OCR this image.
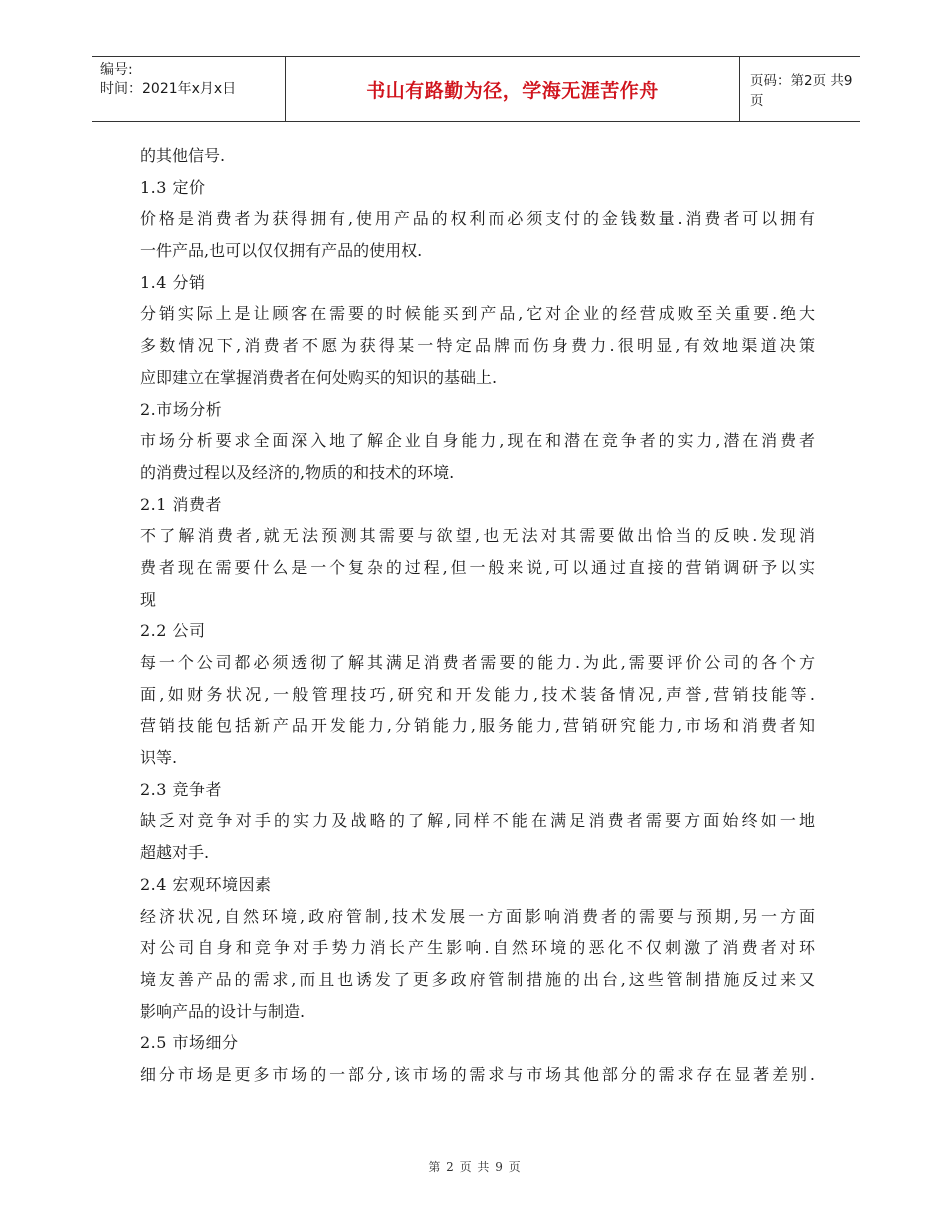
编号:
时间：2021年x月x日	书山有路勤为径，学海无涯苦作舟	页码：第2页 共9页
的其他信号.
1.3 定价
价格是消费者为获得拥有,使用产品的权利而必须支付的金钱数量.消费者可以拥有
一件产品,也可以仅仅拥有产品的使用权.
1.4 分销
分销实际上是让顾客在需要的时候能买到产品,它对企业的经营成败至关重要.绝大
多数情况下,消费者不愿为获得某一特定品牌而伤身费力.很明显,有效地渠道决策
应即建立在掌握消费者在何处购买的知识的基础上.
2.市场分析
市场分析要求全面深入地了解企业自身能力,现在和潜在竞争者的实力,潜在消费者
的消费过程以及经济的,物质的和技术的环境.
2.1 消费者
不了解消费者,就无法预测其需要与欲望,也无法对其需要做出恰当的反映.发现消
费者现在需要什么是一个复杂的过程,但一般来说,可以通过直接的营销调研予以实
现
2.2 公司
每一个公司都必须透彻了解其满足消费者需要的能力.为此,需要评价公司的各个方
面,如财务状况,一般管理技巧,研究和开发能力,技术装备情况,声誉,营销技能等.
营销技能包括新产品开发能力,分销能力,服务能力,营销研究能力,市场和消费者知
识等.
2.3 竞争者
缺乏对竞争对手的实力及战略的了解,同样不能在满足消费者需要方面始终如一地
超越对手.
2.4 宏观环境因素
经济状况,自然环境,政府管制,技术发展一方面影响消费者的需要与预期,另一方面
对公司自身和竞争对手势力消长产生影响.自然环境的恶化不仅刺激了消费者对环
境友善产品的需求,而且也诱发了更多政府管制措施的出台,这些管制措施反过来又
影响产品的设计与制造.
2.5 市场细分
细分市场是更多市场的一部分,该市场的需求与市场其他部分的需求存在显著差别.
第 2 页 共 9 页
